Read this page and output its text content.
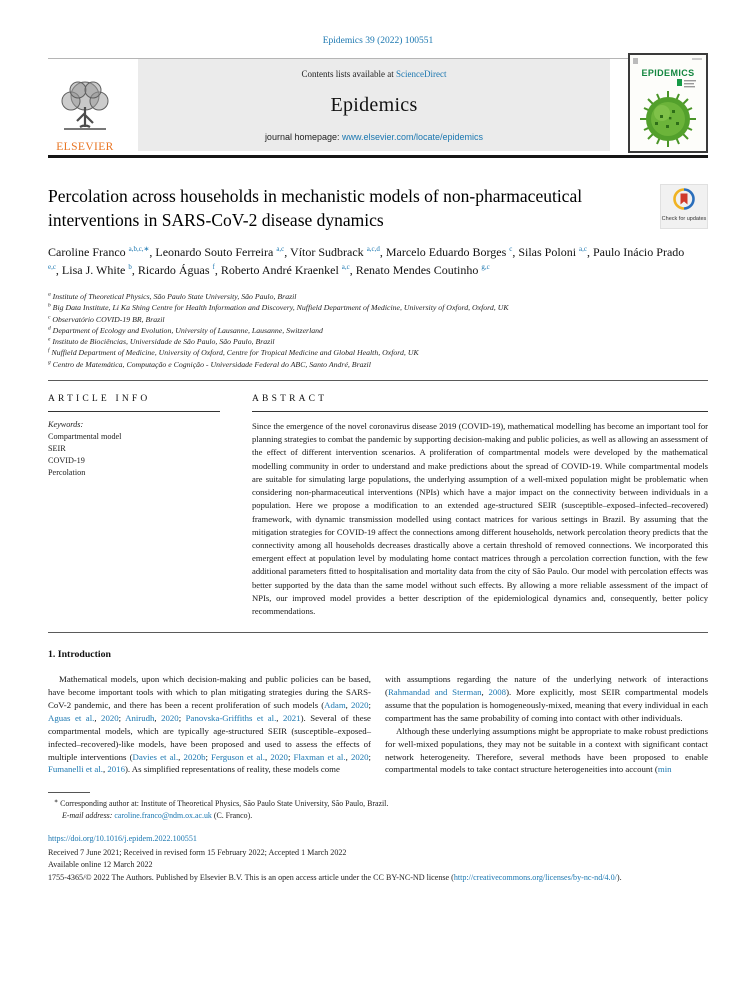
Epidemics 39 (2022) 100551
ELSEVIER
Contents lists available at ScienceDirect
Epidemics
journal homepage: www.elsevier.com/locate/epidemics
EPIDEMICS
Percolation across households in mechanistic models of non-pharmaceutical interventions in SARS-CoV-2 disease dynamics	Check for updates
Caroline Franco $^{a,b,c,∗}$, Leonardo Souto Ferreira $^{a,c}$, Vítor Sudbrack $^{a,c,d}$, Marcelo Eduardo Borges $^c$, Silas Poloni $^{a,c}$, Paulo Inácio Prado $^{e,c}$, Lisa J. White $^b$, Ricardo Águas $^f$, Roberto André Kraenkel $^{a,c}$, Renato Mendes Coutinho $^{g,c}$
$^a$ Institute of Theoretical Physics, São Paulo State University, São Paulo, Brazil
$^b$ Big Data Institute, Li Ka Shing Centre for Health Information and Discovery, Nuffield Department of Medicine, University of Oxford, Oxford, UK
$^c$ Observatório COVID-19 BR, Brazil
$^d$ Department of Ecology and Evolution, University of Lausanne, Lausanne, Switzerland
$^e$ Instituto de Biociências, Universidade de São Paulo, São Paulo, Brazil
$^f$ Nuffield Department of Medicine, University of Oxford, Centre for Tropical Medicine and Global Health, Oxford, UK
$^g$ Centro de Matemática, Computação e Cognição - Universidade Federal do ABC, Santo André, Brazil
ARTICLE INFO
Keywords:
Compartmental model
SEIR
COVID-19
Percolation
ABSTRACT

Since the emergence of the novel coronavirus disease 2019 (COVID-19), mathematical modelling has become an important tool for planning strategies to combat the pandemic by supporting decision-making and public policies, as well as allowing an assessment of the effect of different intervention scenarios. A proliferation of compartmental models were developed by the mathematical modelling community in order to understand and make predictions about the spread of COVID-19. While compartmental models are suitable for simulating large populations, the underlying assumption of a well-mixed population might be problematic when considering non-pharmaceutical interventions (NPIs) which have a major impact on the connectivity between individuals in a population. Here we propose a modification to an extended age-structured SEIR (susceptible–exposed–infected–recovered) framework, with dynamic transmission modelled using contact matrices for various settings in Brazil. By assuming that the mitigation strategies for COVID-19 affect the connections among different households, network percolation theory predicts that the connectivity among all households decreases drastically above a certain threshold of removed connections. We incorporated this emergent effect at population level by modulating home contact matrices through a percolation correction function, with the few additional parameters fitted to hospitalisation and mortality data from the city of São Paulo. Our model with percolation effects was better supported by the data than the same model without such effects. By allowing a more reliable assessment of the impact of NPIs, our improved model provides a better description of the epidemiological dynamics and, consequently, better policy recommendations.

1. Introduction

Mathematical models, upon which decision-making and public policies can be based, have become important tools with which to plan mitigating strategies during the SARS-CoV-2 pandemic, and there has been a recent proliferation of such models (Adam, 2020; Aguas et al., 2020; Anirudh, 2020; Panovska-Griffiths et al., 2021). Several of these compartmental models, which are typically age-structured SEIR (susceptible–exposed–infected–recovered)-like models, have been proposed and used to assess the effects of multiple interventions (Davies et al., 2020b; Ferguson et al., 2020; Flaxman et al., 2020; Fumanelli et al., 2016). As simplified representations of reality, these models come

with assumptions regarding the nature of the underlying network of interactions (Rahmandad and Sterman, 2008). More explicitly, most SEIR compartmental models assume that the population is homogeneously-mixed, meaning that every individual in each compartment has the same probability of coming into contact with other individuals.

Although these underlying assumptions might be appropriate to make robust predictions for well-mixed populations, they may not be suitable in a context with significant contact network heterogeneity. Therefore, several methods have been proposed to enable compartmental models to take contact structure heterogeneities into account (min

∗ Corresponding author at: Institute of Theoretical Physics, São Paulo State University, São Paulo, Brazil.
E-mail address: caroline.franco@ndm.ox.ac.uk (C. Franco).
https://doi.org/10.1016/j.epidem.2022.100551
Received 7 June 2021; Received in revised form 15 February 2022; Accepted 1 March 2022
Available online 12 March 2022
1755-4365/© 2022 The Authors. Published by Elsevier B.V. This is an open access article under the CC BY-NC-ND license (http://creativecommons.org/licenses/by-nc-nd/4.0/).
